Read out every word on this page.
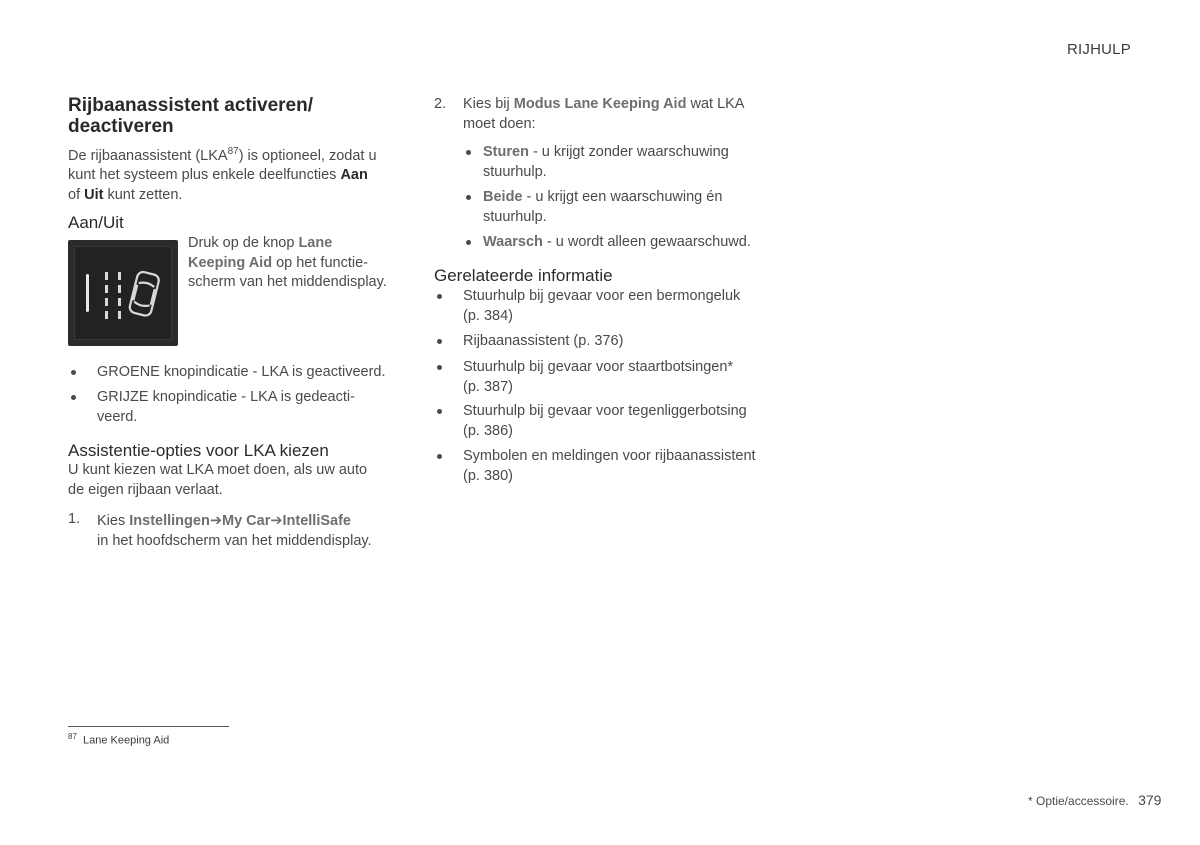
RIJHULP
Rijbaanassistent activeren/
deactiveren
De rijbaanassistent (LKA$^{87}$) is optioneel, zodat u
kunt het systeem plus enkele deelfuncties Aan
of Uit kunt zetten.
Aan/Uit
Druk op de knop Lane
Keeping Aid op het functie-
scherm van het middendisplay.
GROENE knopindicatie - LKA is geactiveerd.
GRIJZE knopindicatie - LKA is gedeacti-
veerd.
Assistentie-opties voor LKA kiezen
U kunt kiezen wat LKA moet doen, als uw auto
de eigen rijbaan verlaat.
1. Kies Instellingen➔My Car➔IntelliSafe
in het hoofdscherm van het middendisplay.
2. Kies bij Modus Lane Keeping Aid wat LKA
moet doen:
Sturen - u krijgt zonder waarschuwing
stuurhulp.
Beide - u krijgt een waarschuwing én
stuurhulp.
Waarsch - u wordt alleen gewaarschuwd.
Gerelateerde informatie
Stuurhulp bij gevaar voor een bermongeluk
(p. 384)
Rijbaanassistent (p. 376)
Stuurhulp bij gevaar voor staartbotsingen*
(p. 387)
Stuurhulp bij gevaar voor tegenliggerbotsing
(p. 386)
Symbolen en meldingen voor rijbaanassistent
(p. 380)
$^{87}$ Lane Keeping Aid
* Optie/accessoire. 379
